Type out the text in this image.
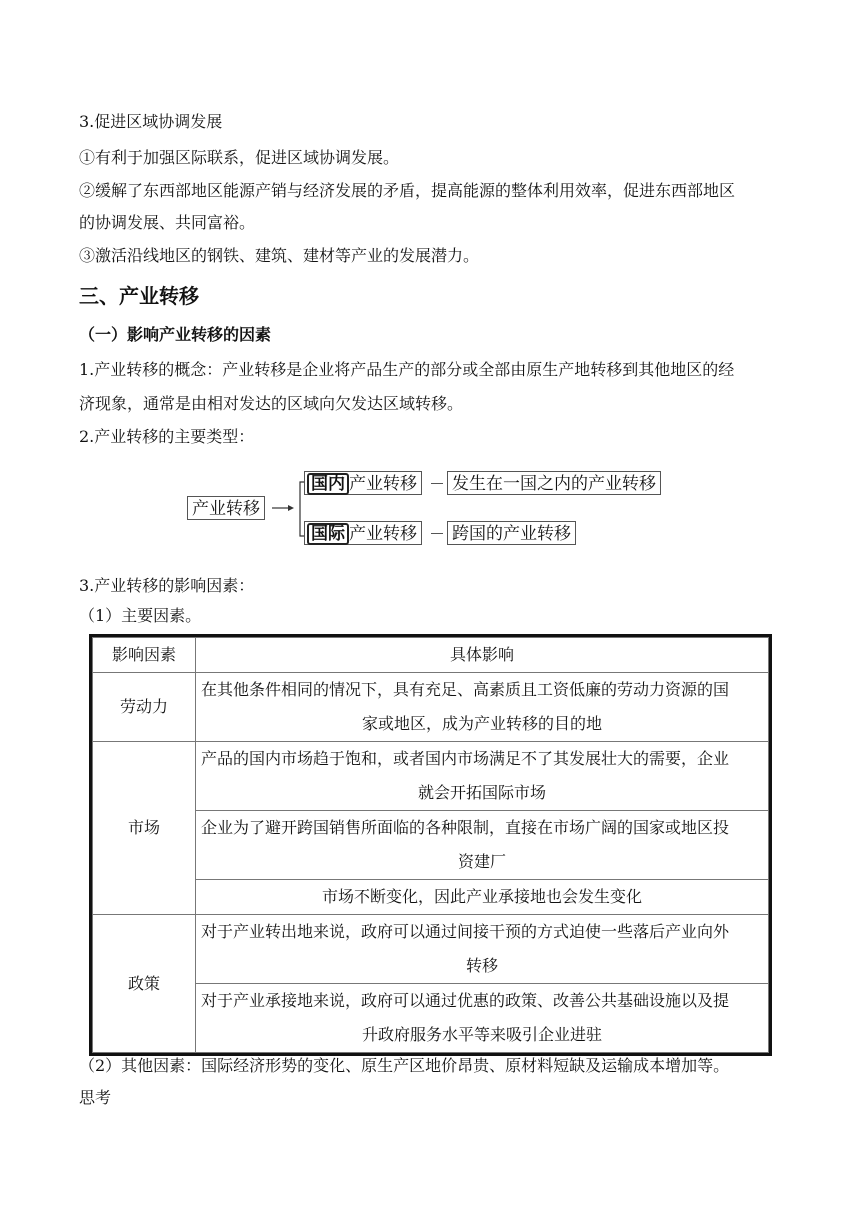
3.促进区域协调发展
①有利于加强区际联系，促进区域协调发展。
②缓解了东西部地区能源产销与经济发展的矛盾，提高能源的整体利用效率，促进东西部地区
的协调发展、共同富裕。
③激活沿线地区的钢铁、建筑、建材等产业的发展潜力。
三、产业转移
（一）影响产业转移的因素
1.产业转移的概念：产业转移是企业将产品生产的部分或全部由原生产地转移到其他地区的经
济现象，通常是由相对发达的区域向欠发达区域转移。
2.产业转移的主要类型：
产业转移
国内 产业转移 发生在一国之内的产业转移
国际 产业转移 跨国的产业转移
3.产业转移的影响因素：
（1）主要因素。
影响因素	具体影响
劳动力	在其他条件相同的情况下，具有充足、高素质且工资低廉的劳动力资源的国
家或地区，成为产业转移的目的地

市场	产品的国内市场趋于饱和，或者国内市场满足不了其发展壮大的需要，企业
就会开拓国际市场

	企业为了避开跨国销售所面临的各种限制，直接在市场广阔的国家或地区投
资建厂

	市场不断变化，因此产业承接地也会发生变化
政策	对于产业转出地来说，政府可以通过间接干预的方式迫使一些落后产业向外
转移

	对于产业承接地来说，政府可以通过优惠的政策、改善公共基础设施以及提
升政府服务水平等来吸引企业进驻
（2）其他因素：国际经济形势的变化、原生产区地价昂贵、原材料短缺及运输成本增加等。
思考
